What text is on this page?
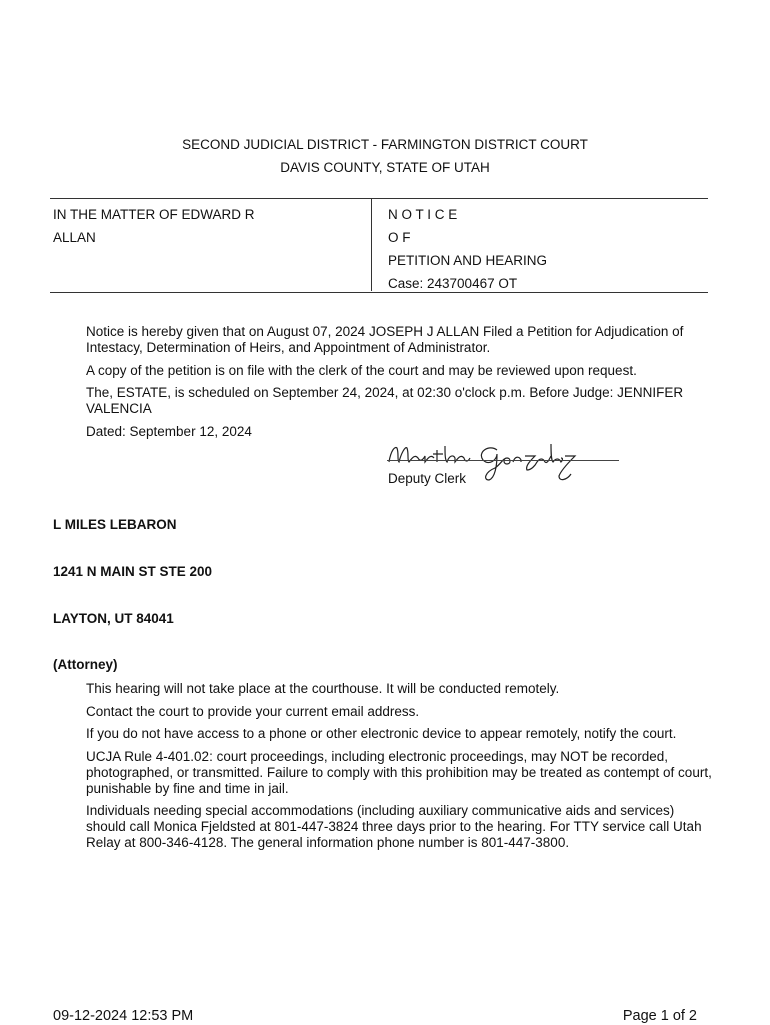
SECOND JUDICIAL DISTRICT - FARMINGTON DISTRICT COURT
DAVIS COUNTY, STATE OF UTAH
IN THE MATTER OF EDWARD R
ALLAN
N O T I C E
O F
PETITION AND HEARING
Case: 243700467 OT
Notice is hereby given that on August 07, 2024 JOSEPH J ALLAN Filed a Petition for Adjudication of Intestacy, Determination of Heirs, and Appointment of Administrator.
A copy of the petition is on file with the clerk of the court and may be reviewed upon request.
The, ESTATE, is scheduled on September 24, 2024, at 02:30 o'clock p.m. Before Judge: JENNIFER VALENCIA
Dated: September 12, 2024
Deputy Clerk
L MILES LEBARON
1241 N MAIN ST STE 200
LAYTON, UT 84041
(Attorney)
This hearing will not take place at the courthouse. It will be conducted remotely.
Contact the court to provide your current email address.
If you do not have access to a phone or other electronic device to appear remotely, notify the court.
UCJA Rule 4-401.02: court proceedings, including electronic proceedings, may NOT be recorded, photographed, or transmitted. Failure to comply with this prohibition may be treated as contempt of court, punishable by fine and time in jail.
Individuals needing special accommodations (including auxiliary communicative aids and services) should call Monica Fjeldsted at 801-447-3824 three days prior to the hearing. For TTY service call Utah Relay at 800-346-4128. The general information phone number is 801-447-3800.
09-12-2024 12:53 PM	Page 1 of 2
